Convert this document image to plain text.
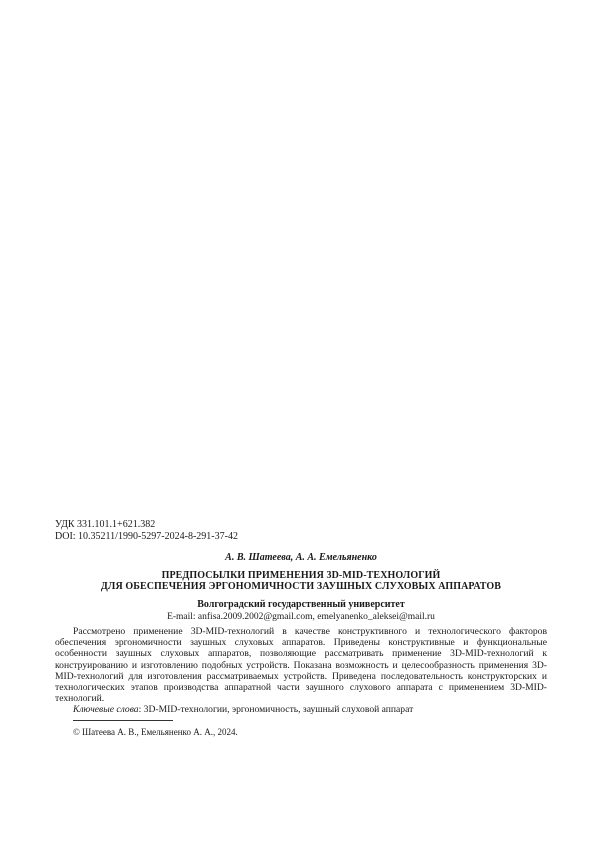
УДК 331.101.1+621.382
DOI: 10.35211/1990-5297-2024-8-291-37-42
А. В. Шатеева, А. А. Емельяненко
ПРЕДПОСЫЛКИ ПРИМЕНЕНИЯ 3D-MID-ТЕХНОЛОГИЙ
ДЛЯ ОБЕСПЕЧЕНИЯ ЭРГОНОМИЧНОСТИ ЗАУШНЫХ СЛУХОВЫХ АППАРАТОВ
Волгоградский государственный университет
E-mail: anfisa.2009.2002@gmail.com, emelyanenko_aleksei@mail.ru
Рассмотрено применение 3D-MID-технологий в качестве конструктивного и технологического факторов обеспечения эргономичности заушных слуховых аппаратов. Приведены конструктивные и функциональные особенности заушных слуховых аппаратов, позволяющие рассматривать применение 3D-MID-технологий к конструированию и изготовлению подобных устройств. Показана возможность и целесообразность применения 3D-MID-технологий для изготовления рассматриваемых устройств. Приведена последовательность конструкторских и технологических этапов производства аппаратной части заушного слухового аппарата с применением 3D-MID-технологий.
Ключевые слова: 3D-MID-технологии, эргономичность, заушный слуховой аппарат
© Шатеева А. В., Емельяненко А. А., 2024.
